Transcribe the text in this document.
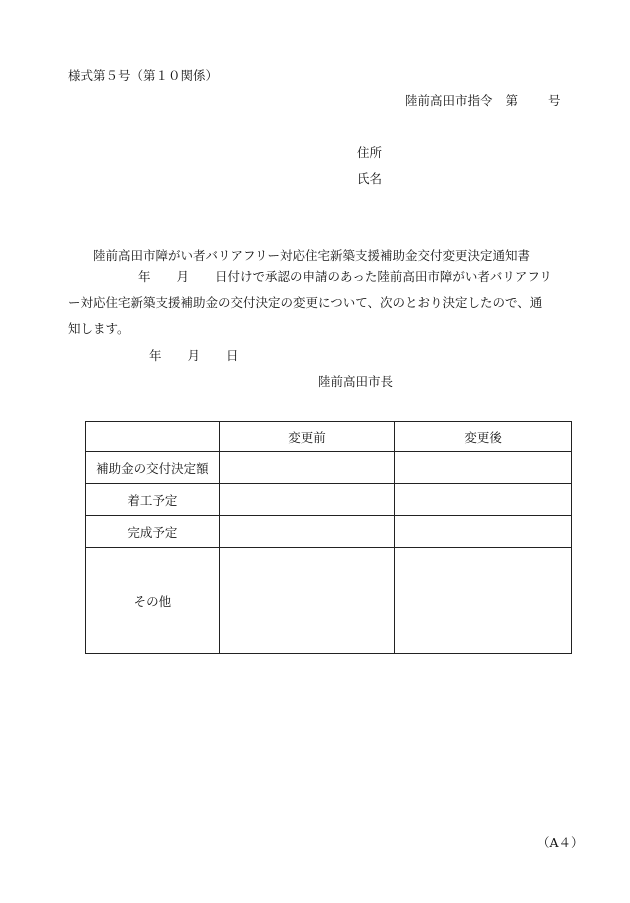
様式第５号（第１０関係）
陸前高田市指令 第 号
住所
氏名
陸前高田市障がい者バリアフリー対応住宅新築支援補助金交付変更決定通知書
年 月 日付けで承認の申請のあった陸前高田市障がい者バリアフリ
ー対応住宅新築支援補助金の交付決定の変更について、次のとおり決定したので、通
知します。
年 月 日
陸前高田市長
	変更前	変更後
補助金の交付決定額		
着工予定		
完成予定		
その他		
（A４）
